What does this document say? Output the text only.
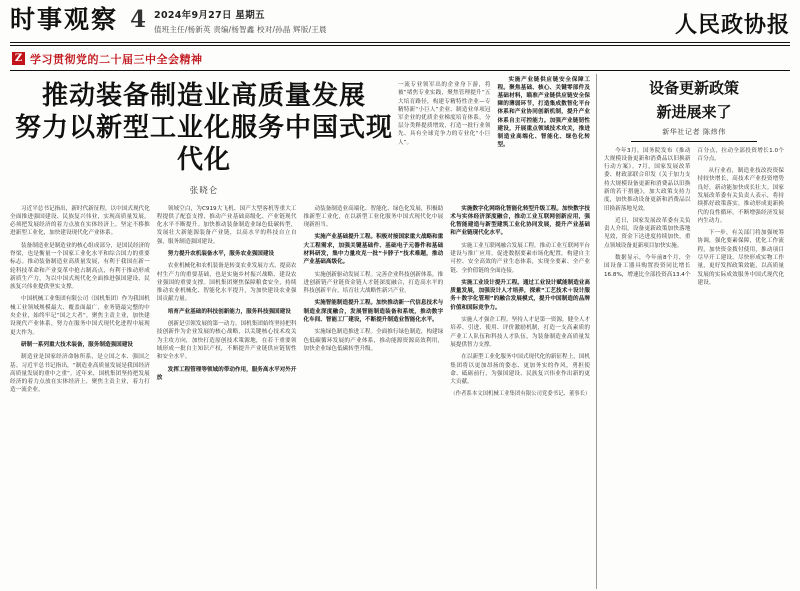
时事观察 4 2024年9月27日 星期五
值班主任/杨新英 责编/杨智鑫 校对/孙晶 辉版/王晨	人民政协报
Z 学习贯彻党的二十届三中全会精神
推动装备制造业高质量发展
努力以新型工业化服务中国式现代化
张晓仑

一流专业领军出的企业身下游，将被“堵焦专业实践，聚焦管理提升”五大培育路径，构建专精特性企业—专精特新“小巨人”企业、制造业单项冠军企业的优质企业梯度培育体系，分层分类释提质增效，打造一批行业领先、具有全球竞争力的专业化“小巨人”。

实施产业链供应链安全保障工程。聚焦基础、核心、关键零部件及基础材料，瞄准产业链供应链安全保障的薄弱环节，打造集成数智化平台体系和产业协同创新机制，提升产业体系自主可控能力。加强产业链韧性建设，开展重点领域技术攻关，推进制造业高端化、智能化、绿色化转型。

习近平总书记指出，新时代新征程，以中国式现代化全面推进强国建设、民族复兴伟业，实现高质量发展，必须把发展经济的着力点放在实体经济上，坚定不移推进新型工业化，加快建设现代化产业体系。

装备制造业是制造业的核心组成部分，是国民经济的脊梁，也是衡量一个国家工业化水平和综合国力的重要标志。推动装备制造业高质量发展，有利于我国在新一轮科技革命和产业变革中抢占制高点，有利于推动形成新质生产力，为以中国式现代化全面推进强国建设、民族复兴伟业提供坚实支撑。

中国机械工业集团有限公司（国机集团）作为我国机械工业领域规模最大、覆盖面最广、业务链最完整的中央企业，始终牢记“国之大者”，聚焦主责主业，加快建设现代产业体系，努力在服务中国式现代化进程中展现更大作为。

研制一系列重大技术装备，服务制造强国建设

制造业是国家经济命脉所系，是立国之本、强国之基。习近平总书记指出，“制造业高质量发展是我国经济高质量发展的重中之重”。近年来，国机集团坚持把发展经济的着力点放在实体经济上，聚焦主责主业，着力打造一流企业。

领域空白，为C919大飞机、国产大型客机等重大工程提供了配套支撑，推动产业基础高级化、产业链现代化水平不断提升。加快推动装备制造业绿色低碳转型，发展壮大新能源装备产业链，以高水平的科技自立自强，服务制造强国建设。

努力提升农机装备水平，服务农业强国建设

农业机械化和农机装备是转变农业发展方式、提高农村生产力的重要基础，也是实施乡村振兴战略、建设农业强国的重要支撑。国机集团聚焦保障粮食安全，持续推动农业机械化、智能化水平提升，为加快建设农业强国贡献力量。

培育产业基础的科技创新能力，服务科技强国建设

创新是引领发展的第一动力。国机集团始终坚持把科技创新作为企业发展的核心战略，以关键核心技术攻关为主攻方向，加快打造原创技术策源地，在若干重要领域形成一批自主知识产权，不断提升产业链供应链韧性和安全水平。

发挥工程管理等领域的带动作用，服务高水平对外开放

动装备制造业高端化、智能化、绿色化发展，积极助推新型工业化，在以新型工业化服务中国式现代化中展现新担当。

实施产业基础提升工程。积极对接国家重大战略和重大工程需求，加强关键基础件、基础电子元器件和基础材料研发，集中力量攻克一批“卡脖子”技术难题，推动产业基础高级化。

实施创新驱动发展工程。完善企业科技创新体系，推进创新链产业链资金链人才链深度融合，打造高水平的科技创新平台，培育壮大战略性新兴产业。

实施智能制造提升工程。加快推动新一代信息技术与制造业深度融合，发展智能制造装备和系统，推动数字化车间、智能工厂建设，不断提升制造业智能化水平。

实施绿色制造推进工程。全面推行绿色制造，构建绿色低碳循环发展的产业体系，推动能源资源高效利用，加快企业绿色低碳转型升级。

实施数字化网络化智能化转型升级工程。加快数字技术与实体经济深度融合，推动工业互联网创新应用，强化智能建造与新型建筑工业化协同发展，提升产业基础和产业链现代化水平。

实施工业互联网融合发展工程。推动工业互联网平台建设与推广应用，促进数据要素市场化配置，构建自主可控、安全高效的产业生态体系，实现全要素、全产业链、全价值链的全面连接。

实施工业设计提升工程。通过工业设计赋能制造业高质量发展，加强设计人才培养，探索“工艺技术＋设计服务＋数字化管理”的融合发展模式，提升中国制造的品牌价值和国际竞争力。

实施人才强企工程。坚持人才是第一资源，健全人才培养、引进、使用、评价激励机制，打造一支高素质的产业工人队伍和科技人才队伍，为装备制造业高质量发展提供智力支撑。

在以新型工业化服务中国式现代化的新征程上，国机集团将以更加昂扬的姿态、更加务实的作风，勇担使命、砥砺前行，为强国建设、民族复兴伟业作出新的更大贡献。

（作者系本文国机械工业集团有限公司党委书记、董事长）
设备更新政策
新进展来了
新华社记者 陈炜伟

今年3月，国务院发布《推动大规模设备更新和消费品以旧换新行动方案》。7月，国家发展改革委、财政部联合印发《关于加力支持大规模设备更新和消费品以旧换新的若干措施》，加大政策支持力度，加快推动设备更新和消费品以旧换新落地见效。

近日，国家发展改革委有关负责人介绍，设备更新政策加快落地见效，资金下达进度持续加快，重点领域设备更新项目加快实施。

数据显示，今年前8个月，全国设备工器具购置投资同比增长16.8%，增速比全部投资高13.4个百分点，拉动全部投资增长1.0个百分点。

从行业看，制造业技改投资保持较快增长，高技术产业投资增势良好，新动能加快成长壮大。国家发展改革委有关负责人表示，将持续抓好政策落实，推动形成更新换代的良性循环，不断增强经济发展内生动力。

下一步，有关部门将加强统筹协调，强化要素保障，优化工作流程，加快资金拨付使用，推动项目尽早开工建设、尽快形成实物工作量，更好发挥政策效能，以高质量发展的实际成效服务中国式现代化建设。
